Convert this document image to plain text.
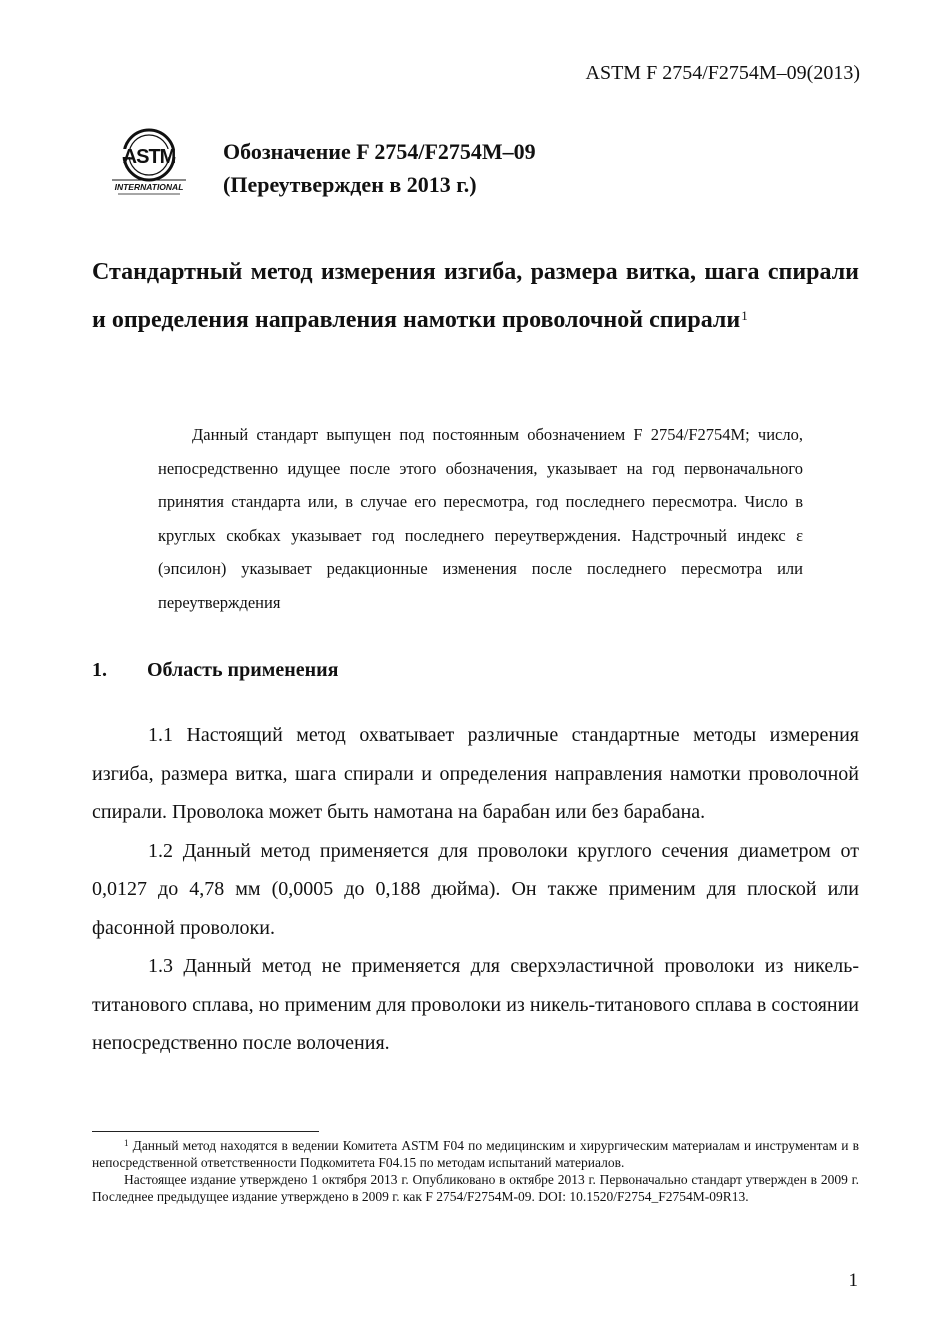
ASTM F 2754/F2754M–09(2013)
ASTM
INTERNATIONAL
Обозначение F 2754/F2754M–09
(Переутвержден в 2013 г.)
Стандартный метод измерения изгиба, размера витка, шага спирали и определения направления намотки проволочной спирали$^1$

Данный стандарт выпущен под постоянным обозначением F 2754/F2754M; число, непосредственно идущее после этого обозначения, указывает на год первоначального принятия стандарта или, в случае его пересмотра, год последнего пересмотра. Число в круглых скобках указывает год последнего переутверждения. Надстрочный индекс ε (эпсилон) указывает редакционные изменения после последнего пересмотра или переутверждения

1. Область применения

1.1 Настоящий метод охватывает различные стандартные методы измерения изгиба, размера витка, шага спирали и определения направления намотки проволочной спирали. Проволока может быть намотана на барабан или без барабана.

1.2 Данный метод применяется для проволоки круглого сечения диаметром от 0,0127 до 4,78 мм (0,0005 до 0,188 дюйма). Он также применим для плоской или фасонной проволоки.

1.3 Данный метод не применяется для сверхэластичной проволоки из никель-титанового сплава, но применим для проволоки из никель-титанового сплава в состоянии непосредственно после волочения.

$^1$ Данный метод находятся в ведении Комитета ASTM F04 по медицинским и хирургическим материалам и инструментам и в непосредственной ответственности Подкомитета F04.15 по методам испытаний материалов.

Настоящее издание утверждено 1 октября 2013 г. Опубликовано в октябре 2013 г. Первоначально стандарт утвержден в 2009 г. Последнее предыдущее издание утверждено в 2009 г. как F 2754/F2754M-09. DOI: 10.1520/F2754_F2754M-09R13.

1
